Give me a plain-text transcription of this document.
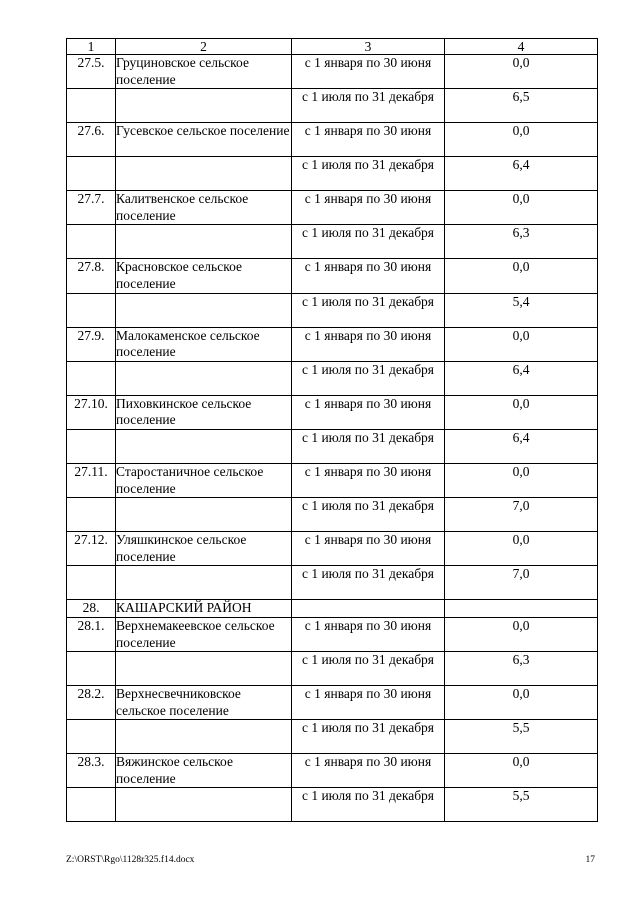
1	2	3	4
27.5.	Груциновское сельское поселение	с 1 января по 30 июня	0,0
		с 1 июля по 31 декабря	6,5
27.6.	Гусевское сельское поселение	с 1 января по 30 июня	0,0
		с 1 июля по 31 декабря	6,4
27.7.	Калитвенское сельское поселение	с 1 января по 30 июня	0,0
		с 1 июля по 31 декабря	6,3
27.8.	Красновское сельское поселение	с 1 января по 30 июня	0,0
		с 1 июля по 31 декабря	5,4
27.9.	Малокаменское сельское поселение	с 1 января по 30 июня	0,0
		с 1 июля по 31 декабря	6,4
27.10.	Пиховкинское сельское поселение	с 1 января по 30 июня	0,0
		с 1 июля по 31 декабря	6,4
27.11.	Старостаничное сельское поселение	с 1 января по 30 июня	0,0
		с 1 июля по 31 декабря	7,0
27.12.	Уляшкинское сельское поселение	с 1 января по 30 июня	0,0
		с 1 июля по 31 декабря	7,0
28.	КАШАРСКИЙ РАЙОН		
28.1.	Верхнемакеевское сельское поселение	с 1 января по 30 июня	0,0
		с 1 июля по 31 декабря	6,3
28.2.	Верхнесвечниковское сельское поселение	с 1 января по 30 июня	0,0
		с 1 июля по 31 декабря	5,5
28.3.	Вяжинское сельское поселение	с 1 января по 30 июня	0,0
		с 1 июля по 31 декабря	5,5
Z:\ORST\Rgo\1128r325.f14.docx	17
